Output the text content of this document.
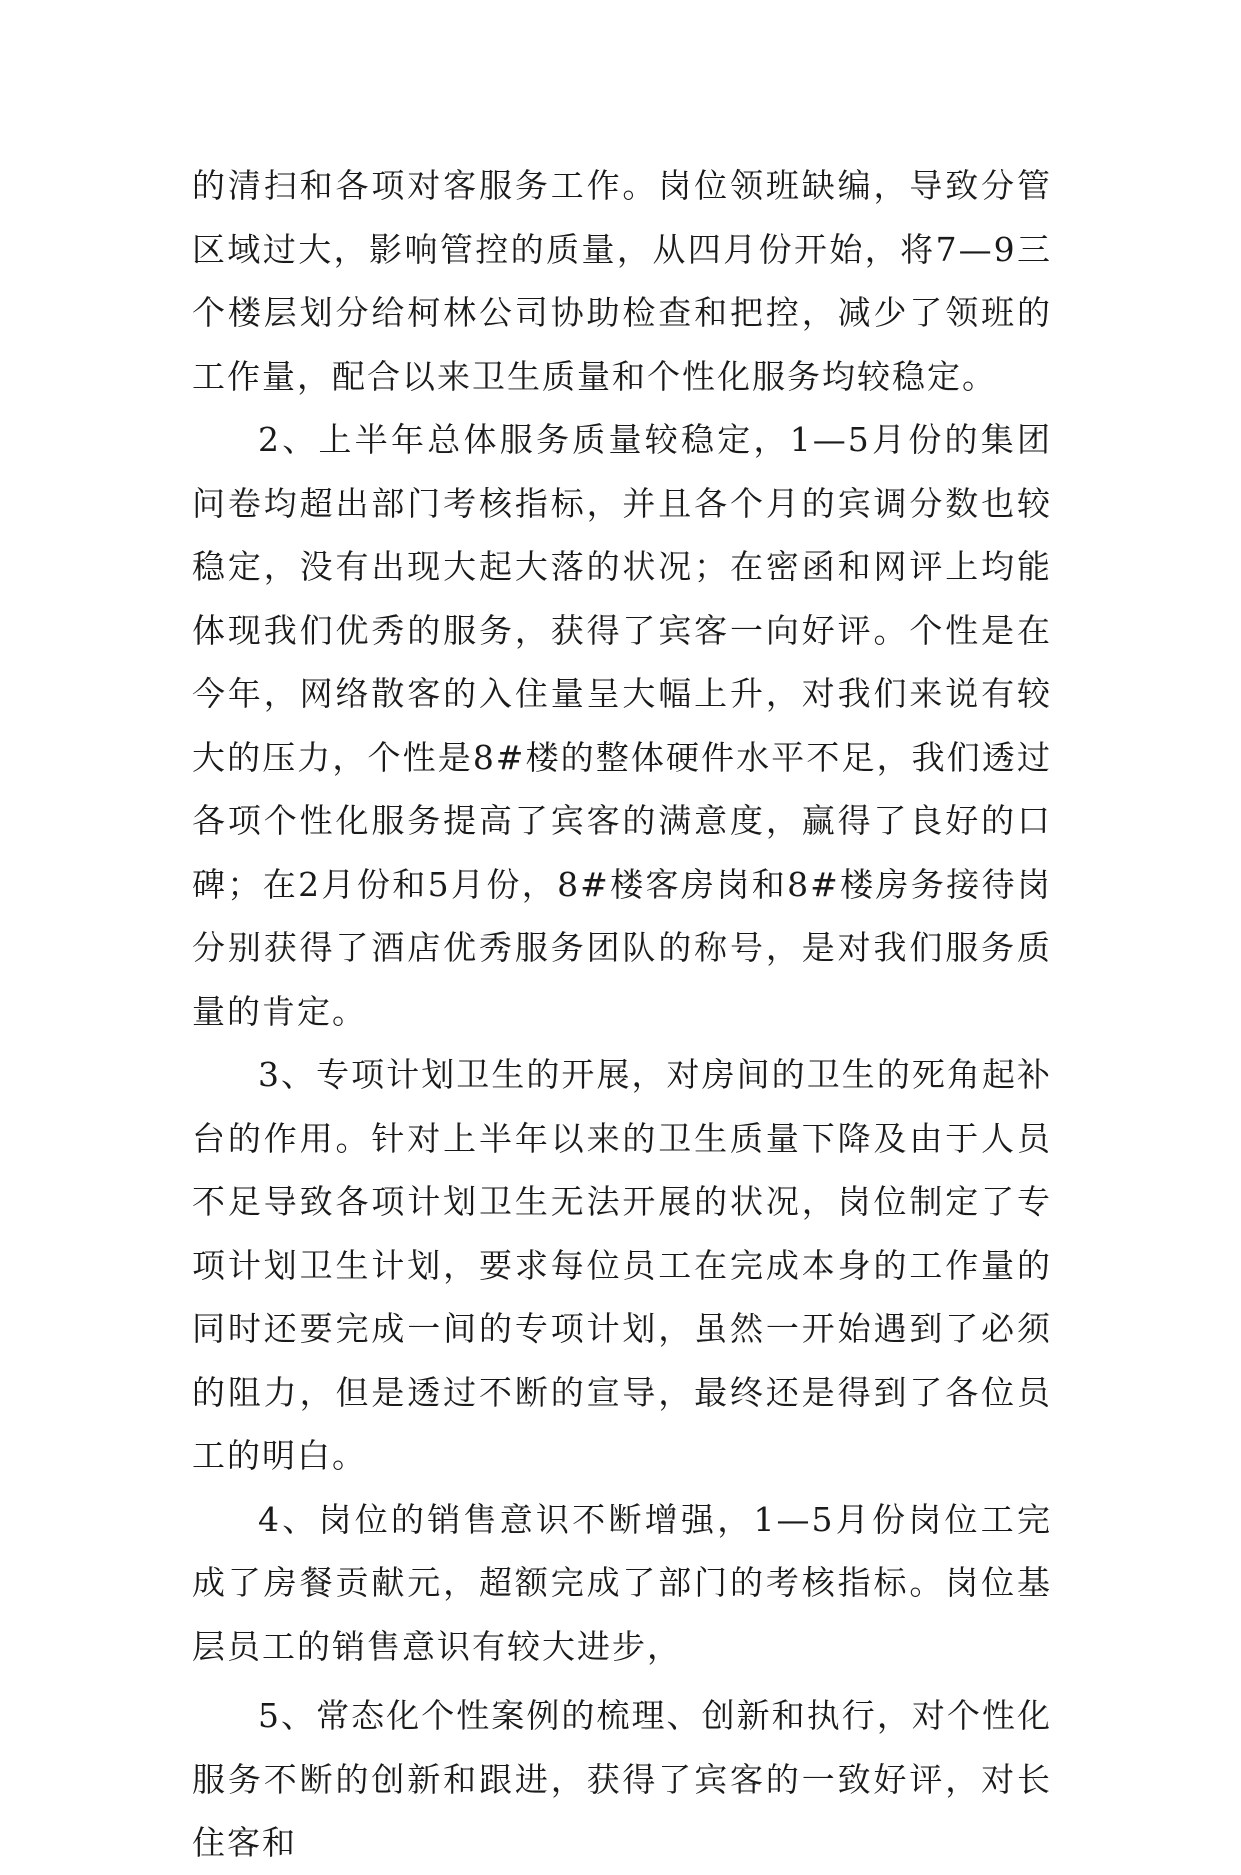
的清扫和各项对客服务工作。岗位领班缺编，导致分管区域过大，影响管控的质量，从四月份开始，将7—9三个楼层划分给柯林公司协助检查和把控，减少了领班的工作量，配合以来卫生质量和个性化服务均较稳定。

2、上半年总体服务质量较稳定，1—5月份的集团问卷均超出部门考核指标，并且各个月的宾调分数也较稳定，没有出现大起大落的状况；在密函和网评上均能体现我们优秀的服务，获得了宾客一向好评。个性是在今年，网络散客的入住量呈大幅上升，对我们来说有较大的压力，个性是8#楼的整体硬件水平不足，我们透过各项个性化服务提高了宾客的满意度，赢得了良好的口碑；在2月份和5月份，8#楼客房岗和8#楼房务接待岗分别获得了酒店优秀服务团队的称号，是对我们服务质量的肯定。

3、专项计划卫生的开展，对房间的卫生的死角起补台的作用。针对上半年以来的卫生质量下降及由于人员不足导致各项计划卫生无法开展的状况，岗位制定了专项计划卫生计划，要求每位员工在完成本身的工作量的同时还要完成一间的专项计划，虽然一开始遇到了必须的阻力，但是透过不断的宣导，最终还是得到了各位员工的明白。

4、岗位的销售意识不断增强，1—5月份岗位工完成了房餐贡献元，超额完成了部门的考核指标。岗位基层员工的销售意识有较大进步，

5、常态化个性案例的梳理、创新和执行，对个性化服务不断的创新和跟进，获得了宾客的一致好评，对长住客和
